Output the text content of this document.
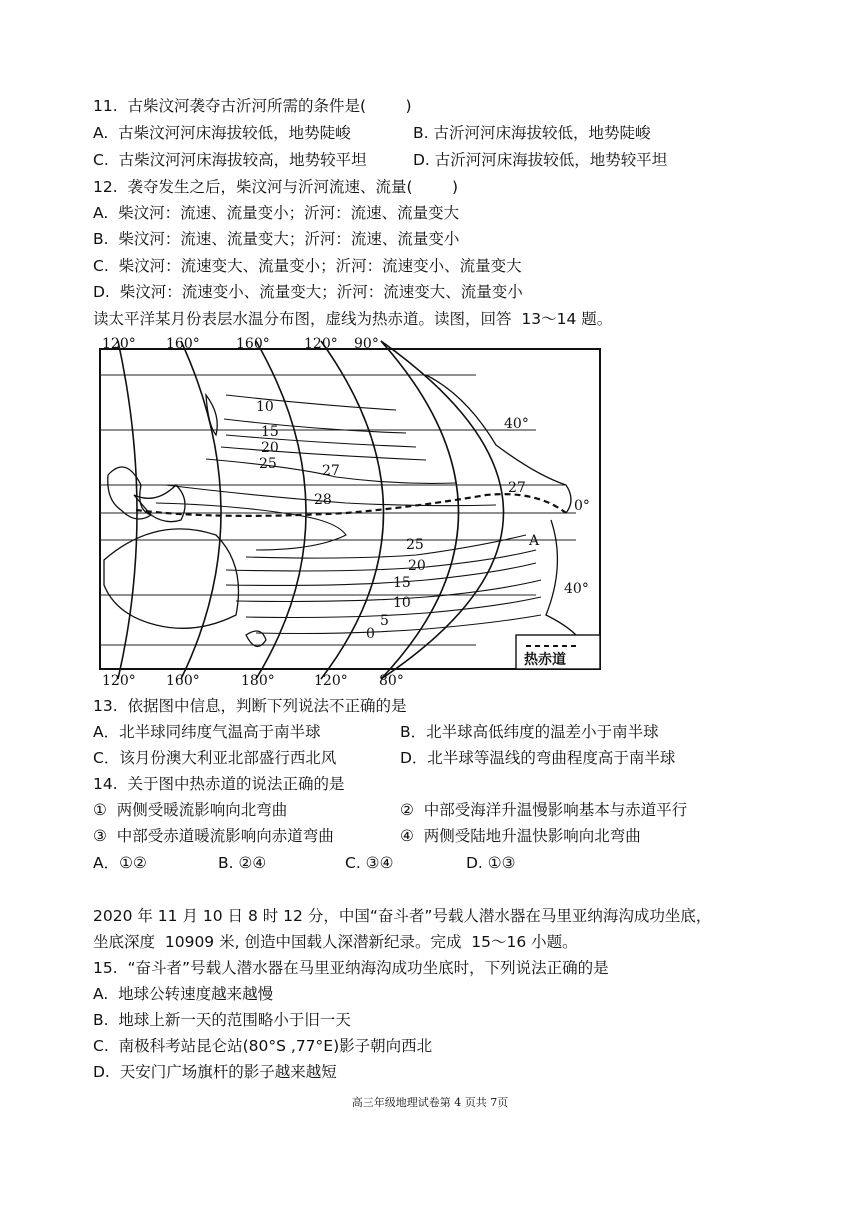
11.  古柴汶河袭夺古沂河所需的条件是(        )
A.  古柴汶河河床海拔较低，地势陡峻	B. 古沂河河床海拔较低，地势陡峻
C.  古柴汶河河床海拔较高，地势较平坦	D. 古沂河河床海拔较低，地势较平坦
12.  袭夺发生之后，柴汶河与沂河流速、流量(        )
A.  柴汶河：流速、流量变小；沂河：流速、流量变大
B.  柴汶河：流速、流量变大；沂河：流速、流量变小
C.  柴汶河：流速变大、流量变小；沂河：流速变小、流量变大
D.  柴汶河：流速变小、流量变大；沂河：流速变大、流量变小
读太平洋某月份表层水温分布图，虚线为热赤道。读图，回答  13～14 题。
120° 160°	160° 120° 90°
120° 160°	180°	120° 80°
40°
0°
40°
10
15
20
25	27
28
27
25
20
15
10
5
0
A
热赤道
13.  依据图中信息，判断下列说法不正确的是
A．北半球同纬度气温高于南半球	B．北半球高低纬度的温差小于南半球
C．该月份澳大利亚北部盛行西北风	D．北半球等温线的弯曲程度高于南半球
14.  关于图中热赤道的说法正确的是
①  两侧受暖流影响向北弯曲	②  中部受海洋升温慢影响基本与赤道平行
③  中部受赤道暖流影响向赤道弯曲	④  两侧受陆地升温快影响向北弯曲
A．①②	B. ②④	C. ③④	D. ①③
2020 年 11 月 10 日 8 时 12 分，中国“奋斗者”号载人潜水器在马里亚纳海沟成功坐底，
坐底深度  10909 米, 创造中国载人深潜新纪录。完成  15～16 小题。
15.  “奋斗者”号载人潜水器在马里亚纳海沟成功坐底时，下列说法正确的是
A.  地球公转速度越来越慢
B.  地球上新一天的范围略小于旧一天
C.  南极科考站昆仑站(80°S ,77°E)影子朝向西北
D.  天安门广场旗杆的影子越来越短
高三年级地理试卷第 4 页共 7页
